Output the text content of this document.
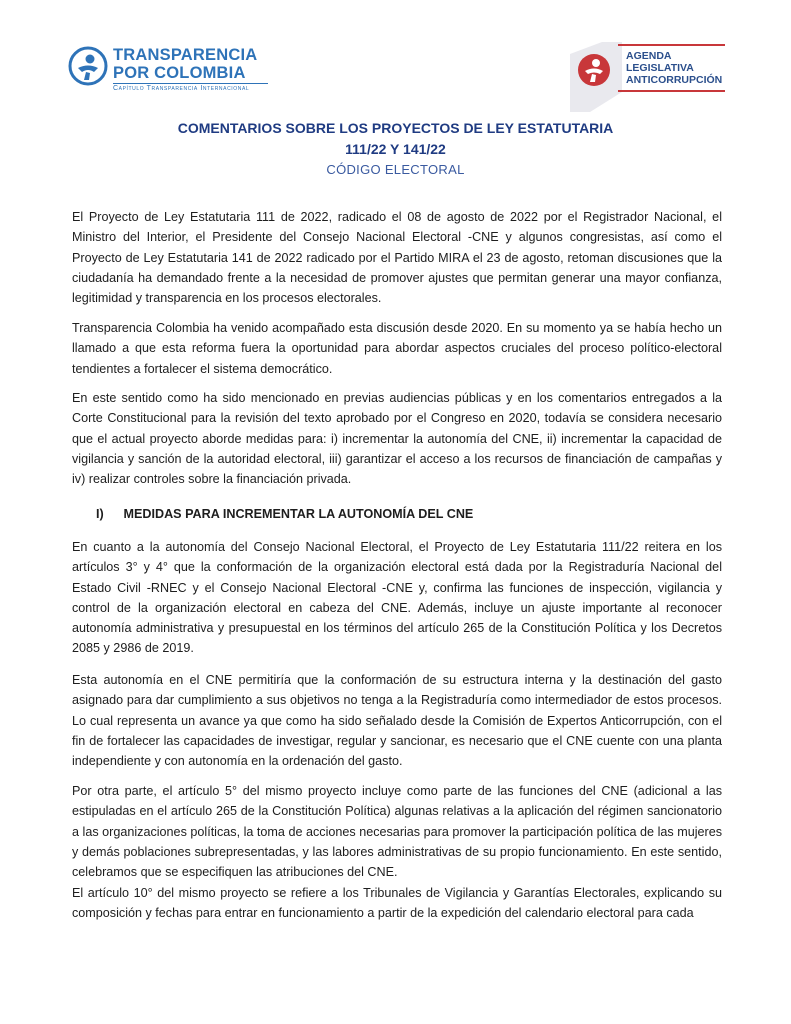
TRANSPARENCIA
POR COLOMBIA
Capítulo Transparencia Internacional
AGENDA
LEGISLATIVA
ANTICORRUPCIÓN
COMENTARIOS SOBRE LOS PROYECTOS DE LEY ESTATUTARIA
111/22 Y 141/22
CÓDIGO ELECTORAL

El Proyecto de Ley Estatutaria 111 de 2022, radicado el 08 de agosto de 2022 por el Registrador Nacional, el Ministro del Interior, el Presidente del Consejo Nacional Electoral -CNE y algunos congresistas, así como el Proyecto de Ley Estatutaria 141 de 2022 radicado por el Partido MIRA el 23 de agosto, retoman discusiones que la ciudadanía ha demandado frente a la necesidad de promover ajustes que permitan generar una mayor confianza, legitimidad y transparencia en los procesos electorales.

Transparencia Colombia ha venido acompañado esta discusión desde 2020. En su momento ya se había hecho un llamado a que esta reforma fuera la oportunidad para abordar aspectos cruciales del proceso político-electoral tendientes a fortalecer el sistema democrático.

En este sentido como ha sido mencionado en previas audiencias públicas y en los comentarios entregados a la Corte Constitucional para la revisión del texto aprobado por el Congreso en 2020, todavía se considera necesario que el actual proyecto aborde medidas para: i) incrementar la autonomía del CNE, ii) incrementar la capacidad de vigilancia y sanción de la autoridad electoral, iii) garantizar el acceso a los recursos de financiación de campañas y iv) realizar controles sobre la financiación privada.

I) MEDIDAS PARA INCREMENTAR LA AUTONOMÍA DEL CNE

En cuanto a la autonomía del Consejo Nacional Electoral, el Proyecto de Ley Estatutaria 111/22 reitera en los artículos 3° y 4° que la conformación de la organización electoral está dada por la Registraduría Nacional del Estado Civil -RNEC y el Consejo Nacional Electoral -CNE y, confirma las funciones de inspección, vigilancia y control de la organización electoral en cabeza del CNE. Además, incluye un ajuste importante al reconocer autonomía administrativa y presupuestal en los términos del artículo 265 de la Constitución Política y los Decretos 2085 y 2986 de 2019.

Esta autonomía en el CNE permitiría que la conformación de su estructura interna y la destinación del gasto asignado para dar cumplimiento a sus objetivos no tenga a la Registraduría como intermediador de estos procesos. Lo cual representa un avance ya que como ha sido señalado desde la Comisión de Expertos Anticorrupción, con el fin de fortalecer las capacidades de investigar, regular y sancionar, es necesario que el CNE cuente con una planta independiente y con autonomía en la ordenación del gasto.

Por otra parte, el artículo 5° del mismo proyecto incluye como parte de las funciones del CNE (adicional a las estipuladas en el artículo 265 de la Constitución Política) algunas relativas a la aplicación del régimen sancionatorio a las organizaciones políticas, la toma de acciones necesarias para promover la participación política de las mujeres y demás poblaciones subrepresentadas, y las labores administrativas de su propio funcionamiento. En este sentido, celebramos que se especifiquen las atribuciones del CNE.

El artículo 10° del mismo proyecto se refiere a los Tribunales de Vigilancia y Garantías Electorales, explicando su composición y fechas para entrar en funcionamiento a partir de la expedición del calendario electoral para cada
